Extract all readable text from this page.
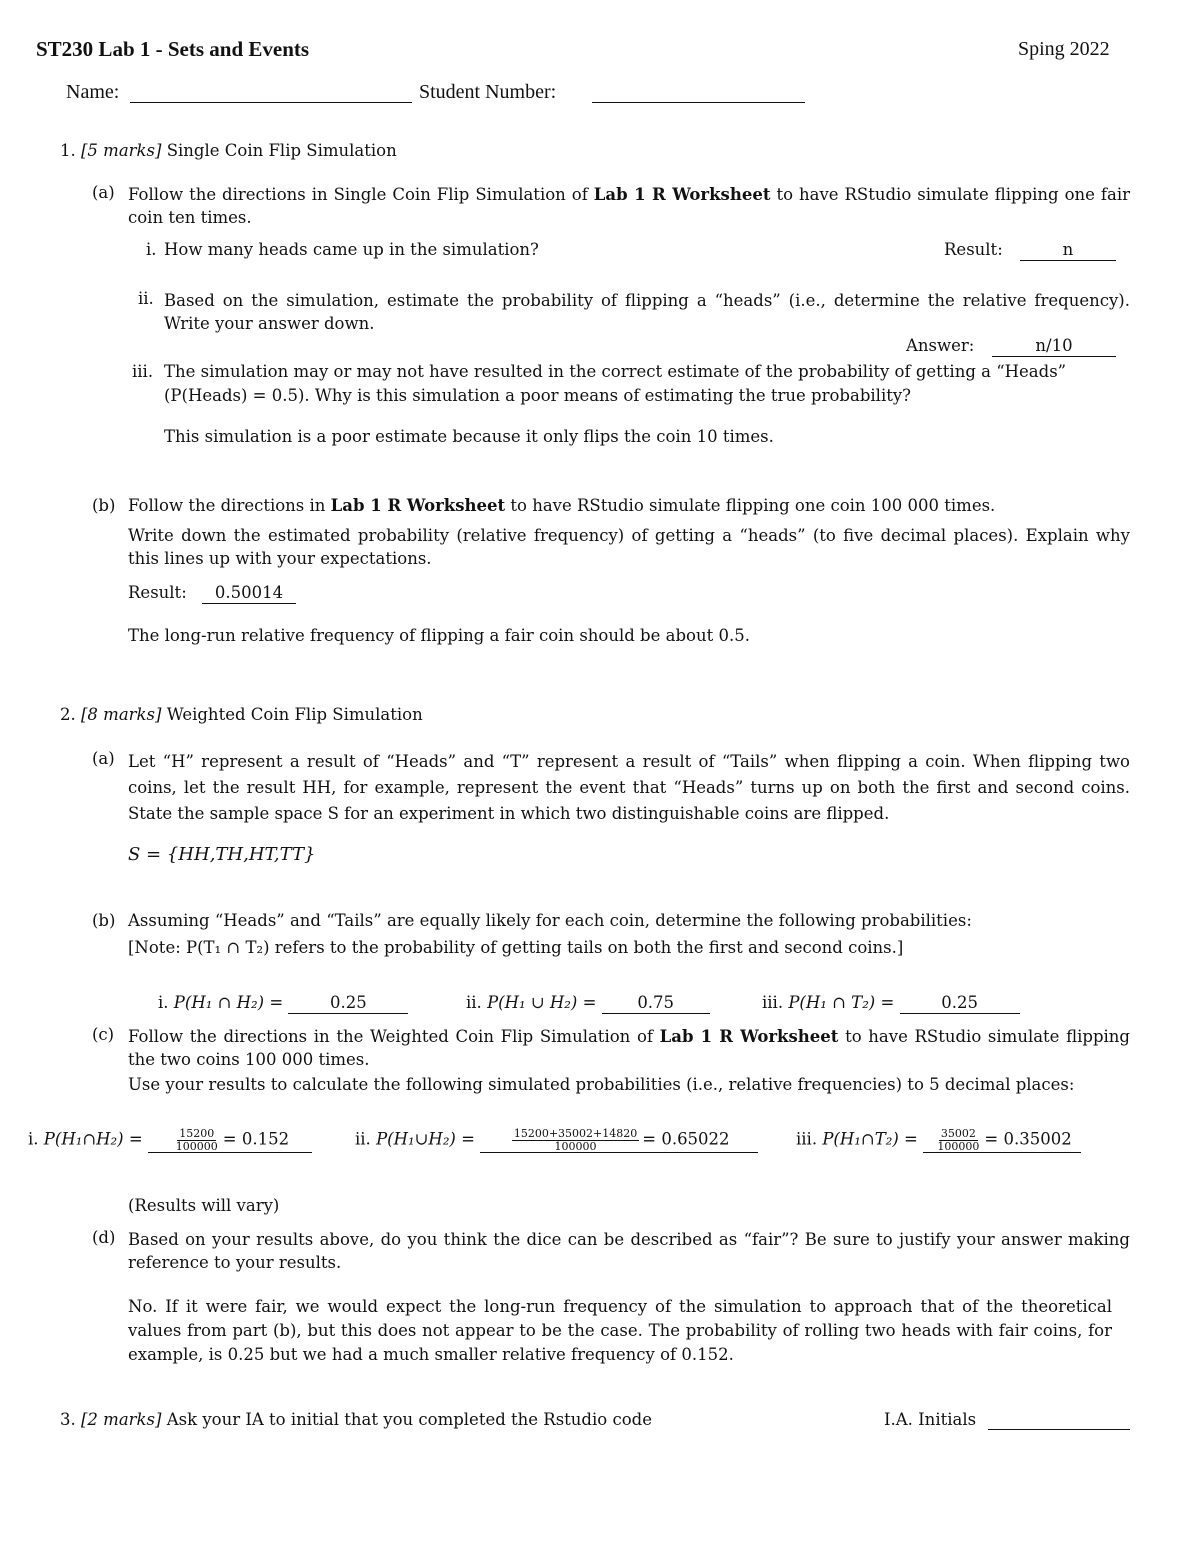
ST230 Lab 1 - Sets and Events	Sping 2022
Name:	Student Number:
1. [5 marks] Single Coin Flip Simulation
(a) Follow the directions in Single Coin Flip Simulation of Lab 1 R Worksheet to have RStudio simulate flipping one fair coin ten times.
i. How many heads came up in the simulation?	Result:	n
ii. Based on the simulation, estimate the probability of flipping a “heads” (i.e., determine the relative frequency). Write your answer down.
Answer:	n/10
iii. The simulation may or may not have resulted in the correct estimate of the probability of getting a “Heads”
(P(Heads) = 0.5). Why is this simulation a poor means of estimating the true probability?
This simulation is a poor estimate because it only flips the coin 10 times.
(b) Follow the directions in Lab 1 R Worksheet to have RStudio simulate flipping one coin 100 000 times.
Write down the estimated probability (relative frequency) of getting a “heads” (to five decimal places). Explain why this lines up with your expectations.
Result:	0.50014
The long-run relative frequency of flipping a fair coin should be about 0.5.
2. [8 marks] Weighted Coin Flip Simulation
(a) Let “H” represent a result of “Heads” and “T” represent a result of “Tails” when flipping a coin. When flipping two coins, let the result HH, for example, represent the event that “Heads” turns up on both the first and second coins. State the sample space S for an experiment in which two distinguishable coins are flipped.
S = {HH,TH,HT,TT}
(b) Assuming “Heads” and “Tails” are equally likely for each coin, determine the following probabilities:
[Note: P(T₁ ∩ T₂) refers to the probability of getting tails on both the first and second coins.]
i. P(H₁ ∩ H₂) =	0.25	ii. P(H₁ ∪ H₂) = 0.75	iii. P(H₁ ∩ T₂) =	0.25
(c) Follow the directions in the Weighted Coin Flip Simulation of Lab 1 R Worksheet to have RStudio simulate flipping the two coins 100 000 times.
Use your results to calculate the following simulated probabilities (i.e., relative frequencies) to 5 decimal places:
i. P(H₁∩H₂) =	$\frac{15200}{100000} = 0.152$	ii. P(H₁∪H₂) =	$\frac{15200+35002+14820}{100000} = 0.65022$	iii. P(H₁∩T₂) = $\frac{35002}{100000} = 0.35002$
(Results will vary)
(d) Based on your results above, do you think the dice can be described as “fair”? Be sure to justify your answer making reference to your results.
No. If it were fair, we would expect the long-run frequency of the simulation to approach that of the theoretical values from part (b), but this does not appear to be the case. The probability of rolling two heads with fair coins, for example, is 0.25 but we had a much smaller relative frequency of 0.152.
3. [2 marks] Ask your IA to initial that you completed the Rstudio code	I.A. Initials
